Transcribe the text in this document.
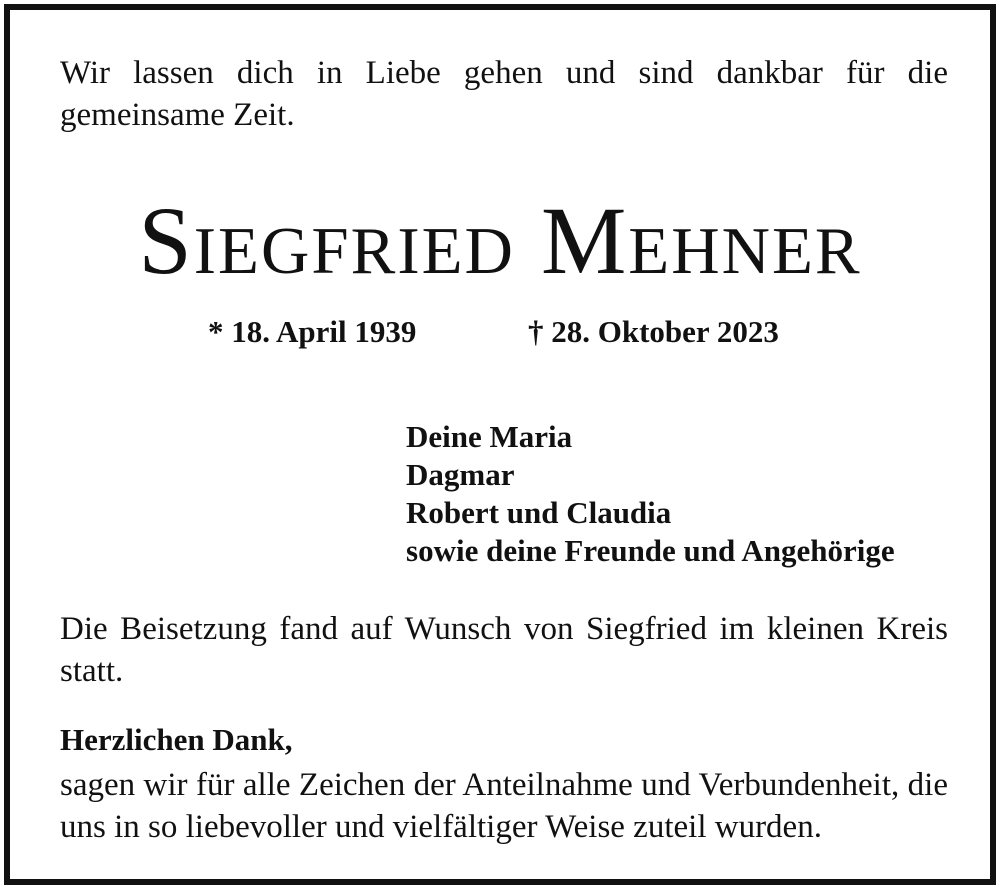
Wir lassen dich in Liebe gehen und sind dankbar für die gemeinsame Zeit.

Siegfried Mehner
* 18. April 1939	† 28. Oktober 2023
Deine Maria
Dagmar
Robert und Claudia
sowie deine Freunde und Angehörige

Die Beisetzung fand auf Wunsch von Siegfried im kleinen Kreis statt.

Herzlichen Dank,

sagen wir für alle Zeichen der Anteilnahme und Verbundenheit, die uns in so liebevoller und vielfältiger Weise zuteil wurden.
